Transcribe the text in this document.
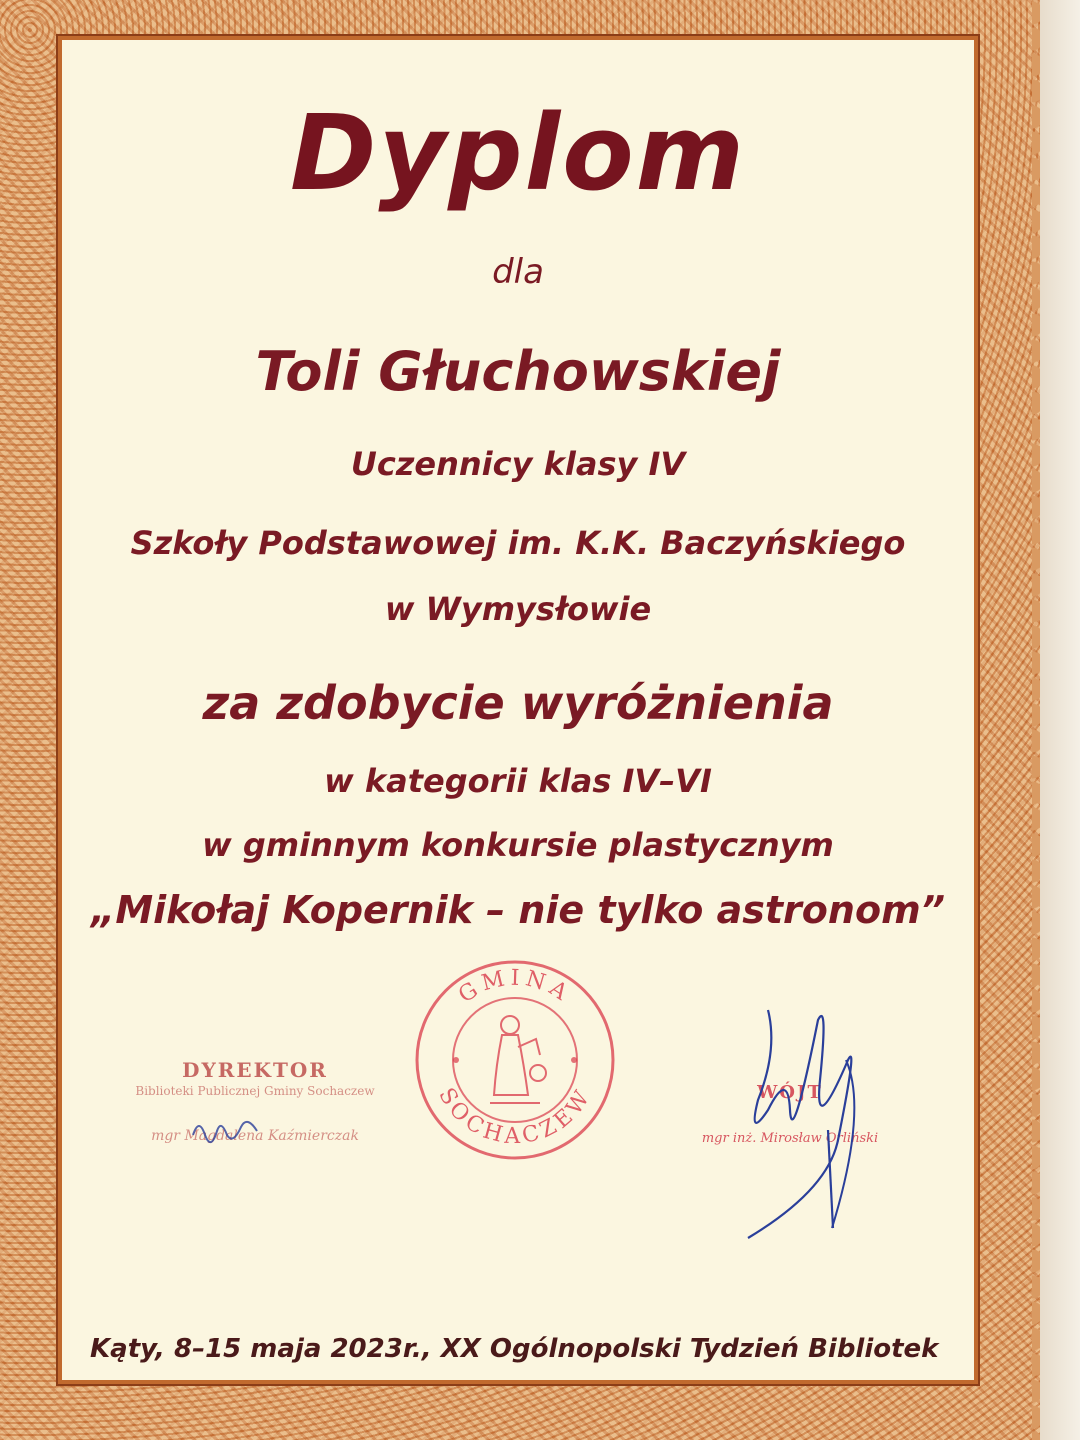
Dyplom
dla
Toli Głuchowskiej
Uczennicy klasy IV
Szkoły Podstawowej im. K.K. Baczyńskiego
w Wymysłowie
za zdobycie wyróżnienia
w kategorii klas IV–VI
w gminnym konkursie plastycznym
„Mikołaj Kopernik – nie tylko astronom”
GMINA
SOCHACZEW
DYREKTOR
Biblioteki Publicznej Gminy Sochaczew
mgr Magdalena Kaźmierczak
WÓJT
mgr inż. Mirosław Orliński
Kąty, 8–15 maja 2023r., XX Ogólnopolski Tydzień Bibliotek
